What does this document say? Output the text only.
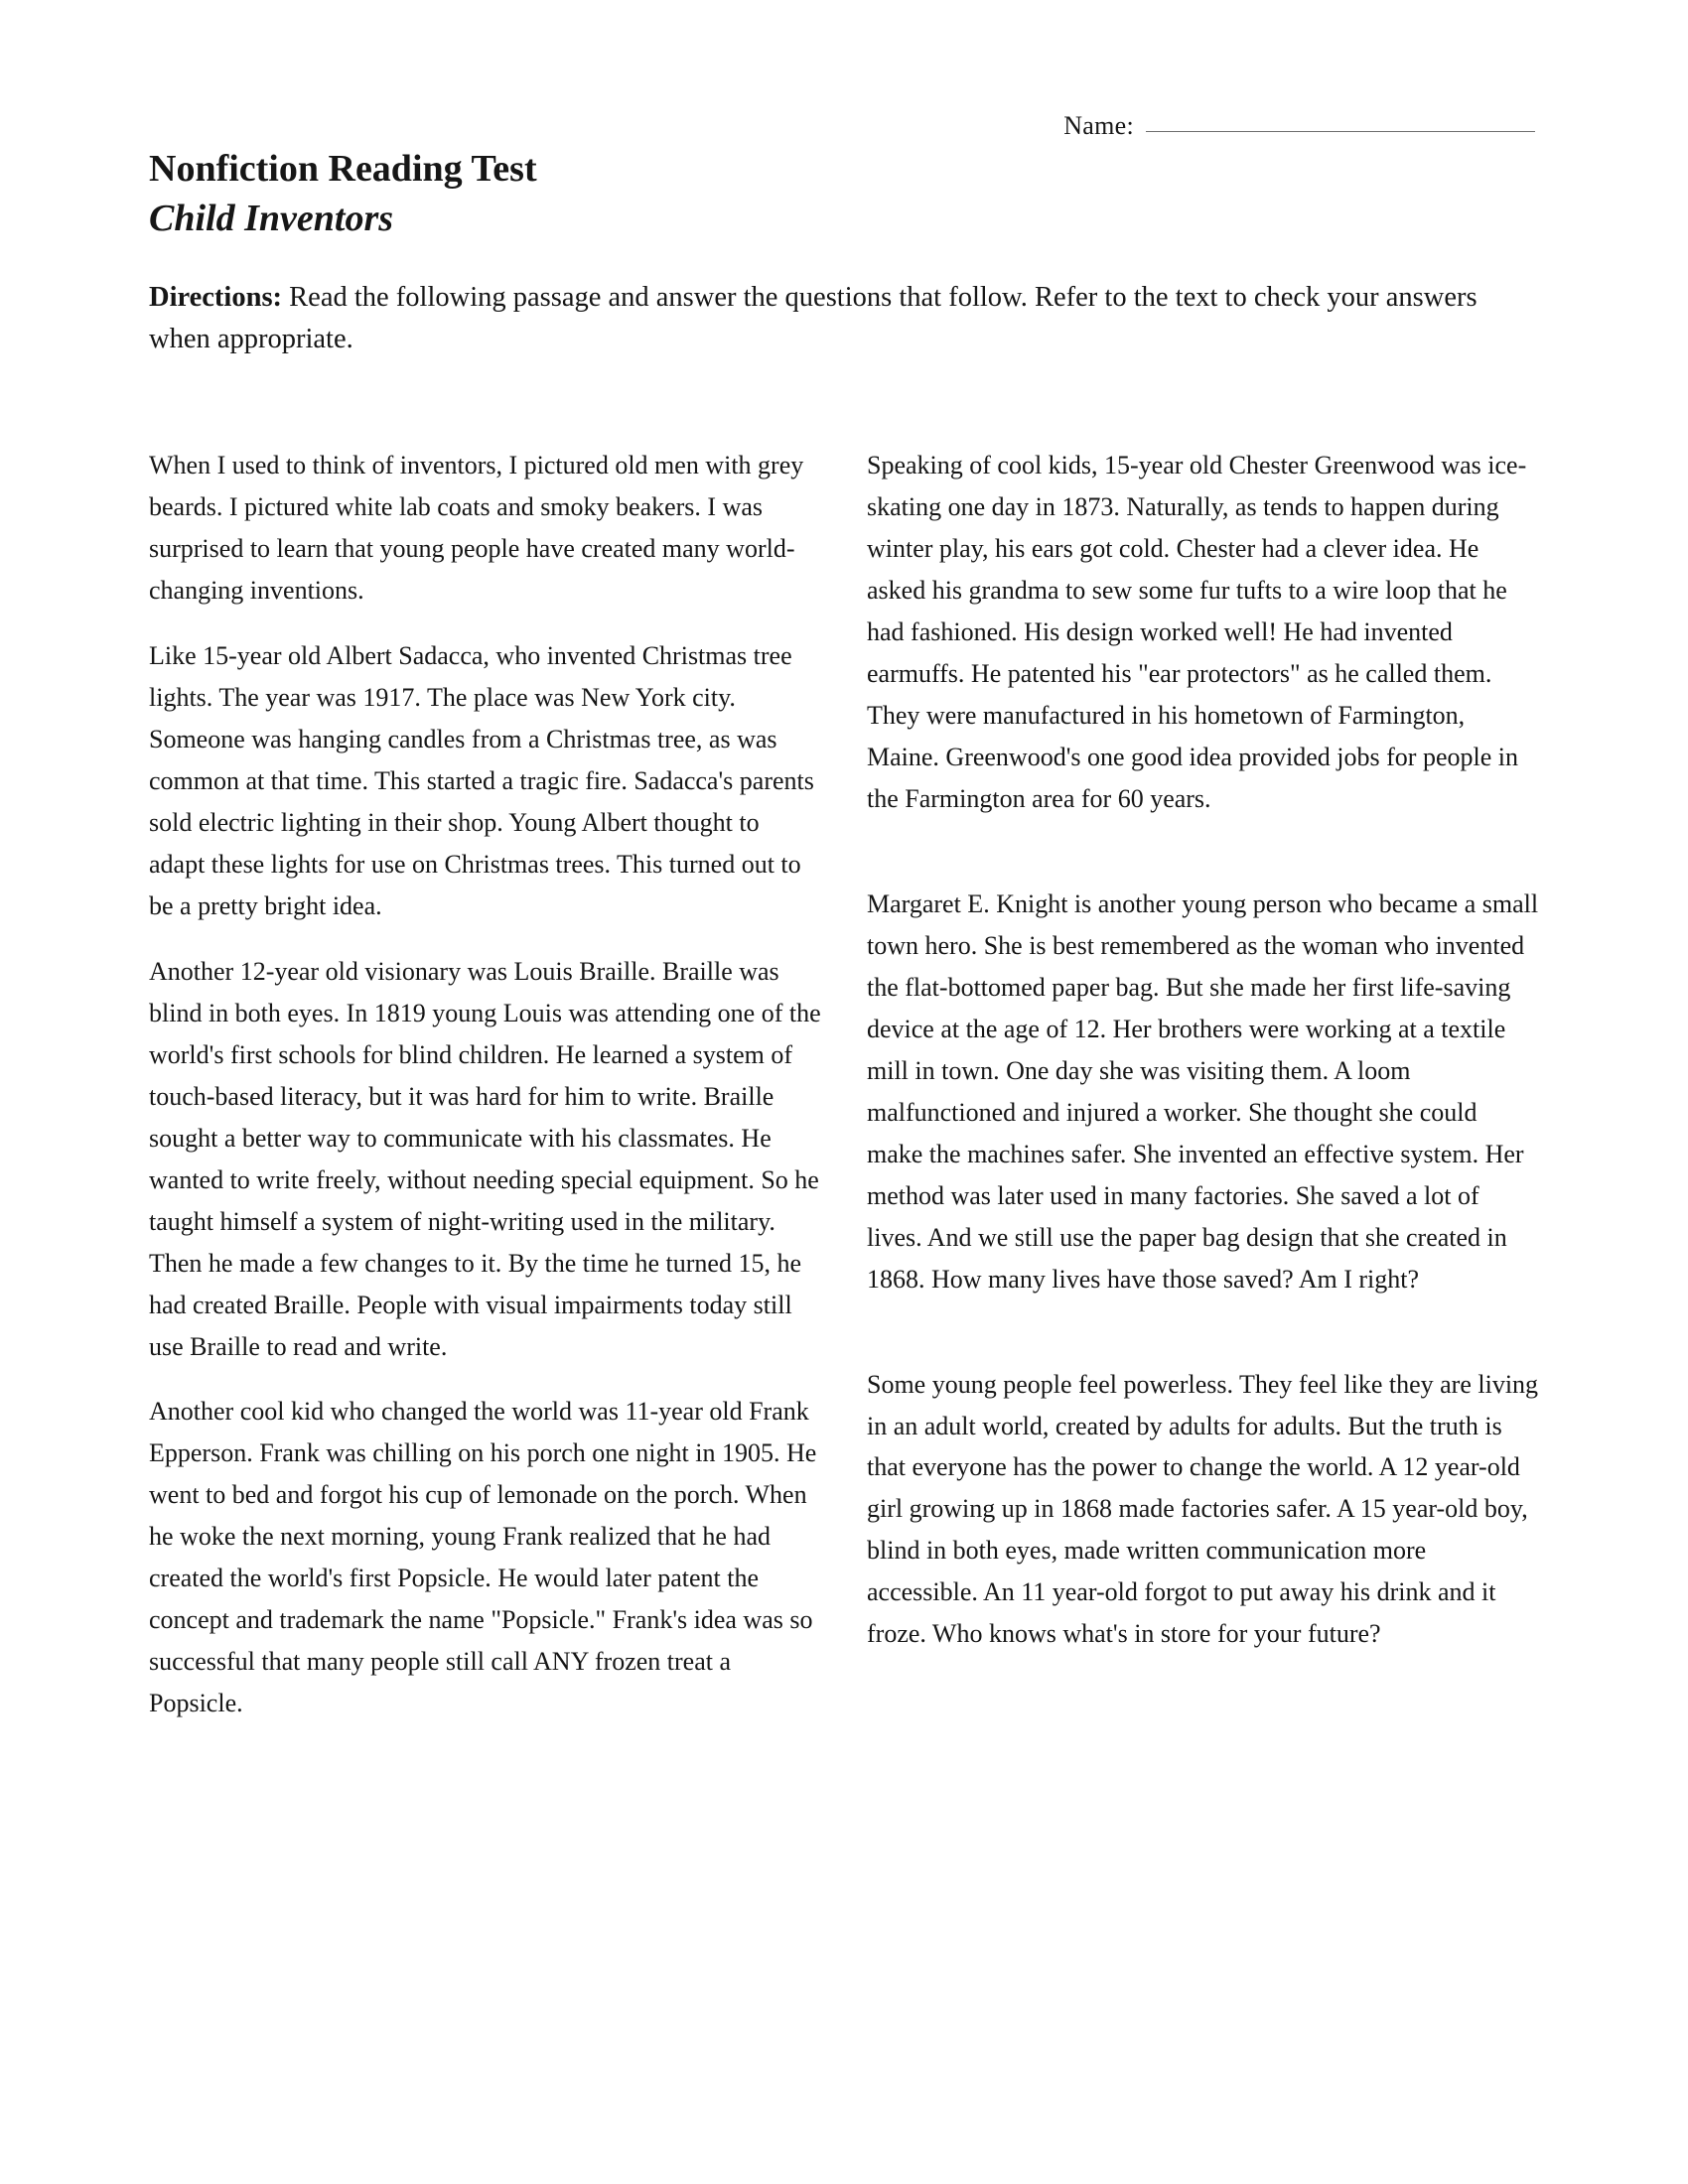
Name:
Nonfiction Reading Test
Child Inventors

Directions: Read the following passage and answer the questions that follow. Refer to the text to check your answers when appropriate.

When I used to think of inventors, I pictured old men with grey beards. I pictured white lab coats and smoky beakers. I was surprised to learn that young people have created many world-changing inventions.

Like 15-year old Albert Sadacca, who invented Christmas tree lights. The year was 1917. The place was New York city. Someone was hanging candles from a Christmas tree, as was common at that time. This started a tragic fire. Sadacca's parents sold electric lighting in their shop. Young Albert thought to adapt these lights for use on Christmas trees. This turned out to be a pretty bright idea.

Another 12-year old visionary was Louis Braille. Braille was blind in both eyes. In 1819 young Louis was attending one of the world's first schools for blind children. He learned a system of touch-based literacy, but it was hard for him to write. Braille sought a better way to communicate with his classmates. He wanted to write freely, without needing special equipment. So he taught himself a system of night-writing used in the military. Then he made a few changes to it. By the time he turned 15, he had created Braille. People with visual impairments today still use Braille to read and write.

Another cool kid who changed the world was 11-year old Frank Epperson. Frank was chilling on his porch one night in 1905. He went to bed and forgot his cup of lemonade on the porch. When he woke the next morning, young Frank realized that he had created the world's first Popsicle. He would later patent the concept and trademark the name "Popsicle." Frank's idea was so successful that many people still call ANY frozen treat a Popsicle.

Speaking of cool kids, 15-year old Chester Greenwood was ice-skating one day in 1873. Naturally, as tends to happen during winter play, his ears got cold. Chester had a clever idea. He asked his grandma to sew some fur tufts to a wire loop that he had fashioned. His design worked well! He had invented earmuffs. He patented his "ear protectors" as he called them. They were manufactured in his hometown of Farmington, Maine. Greenwood's one good idea provided jobs for people in the Farmington area for 60 years.

Margaret E. Knight is another young person who became a small town hero. She is best remembered as the woman who invented the flat-bottomed paper bag. But she made her first life-saving device at the age of 12. Her brothers were working at a textile mill in town. One day she was visiting them. A loom malfunctioned and injured a worker. She thought she could make the machines safer. She invented an effective system. Her method was later used in many factories. She saved a lot of lives. And we still use the paper bag design that she created in 1868. How many lives have those saved? Am I right?

Some young people feel powerless. They feel like they are living in an adult world, created by adults for adults. But the truth is that everyone has the power to change the world. A 12 year-old girl growing up in 1868 made factories safer. A 15 year-old boy, blind in both eyes, made written communication more accessible. An 11 year-old forgot to put away his drink and it froze. Who knows what's in store for your future?
